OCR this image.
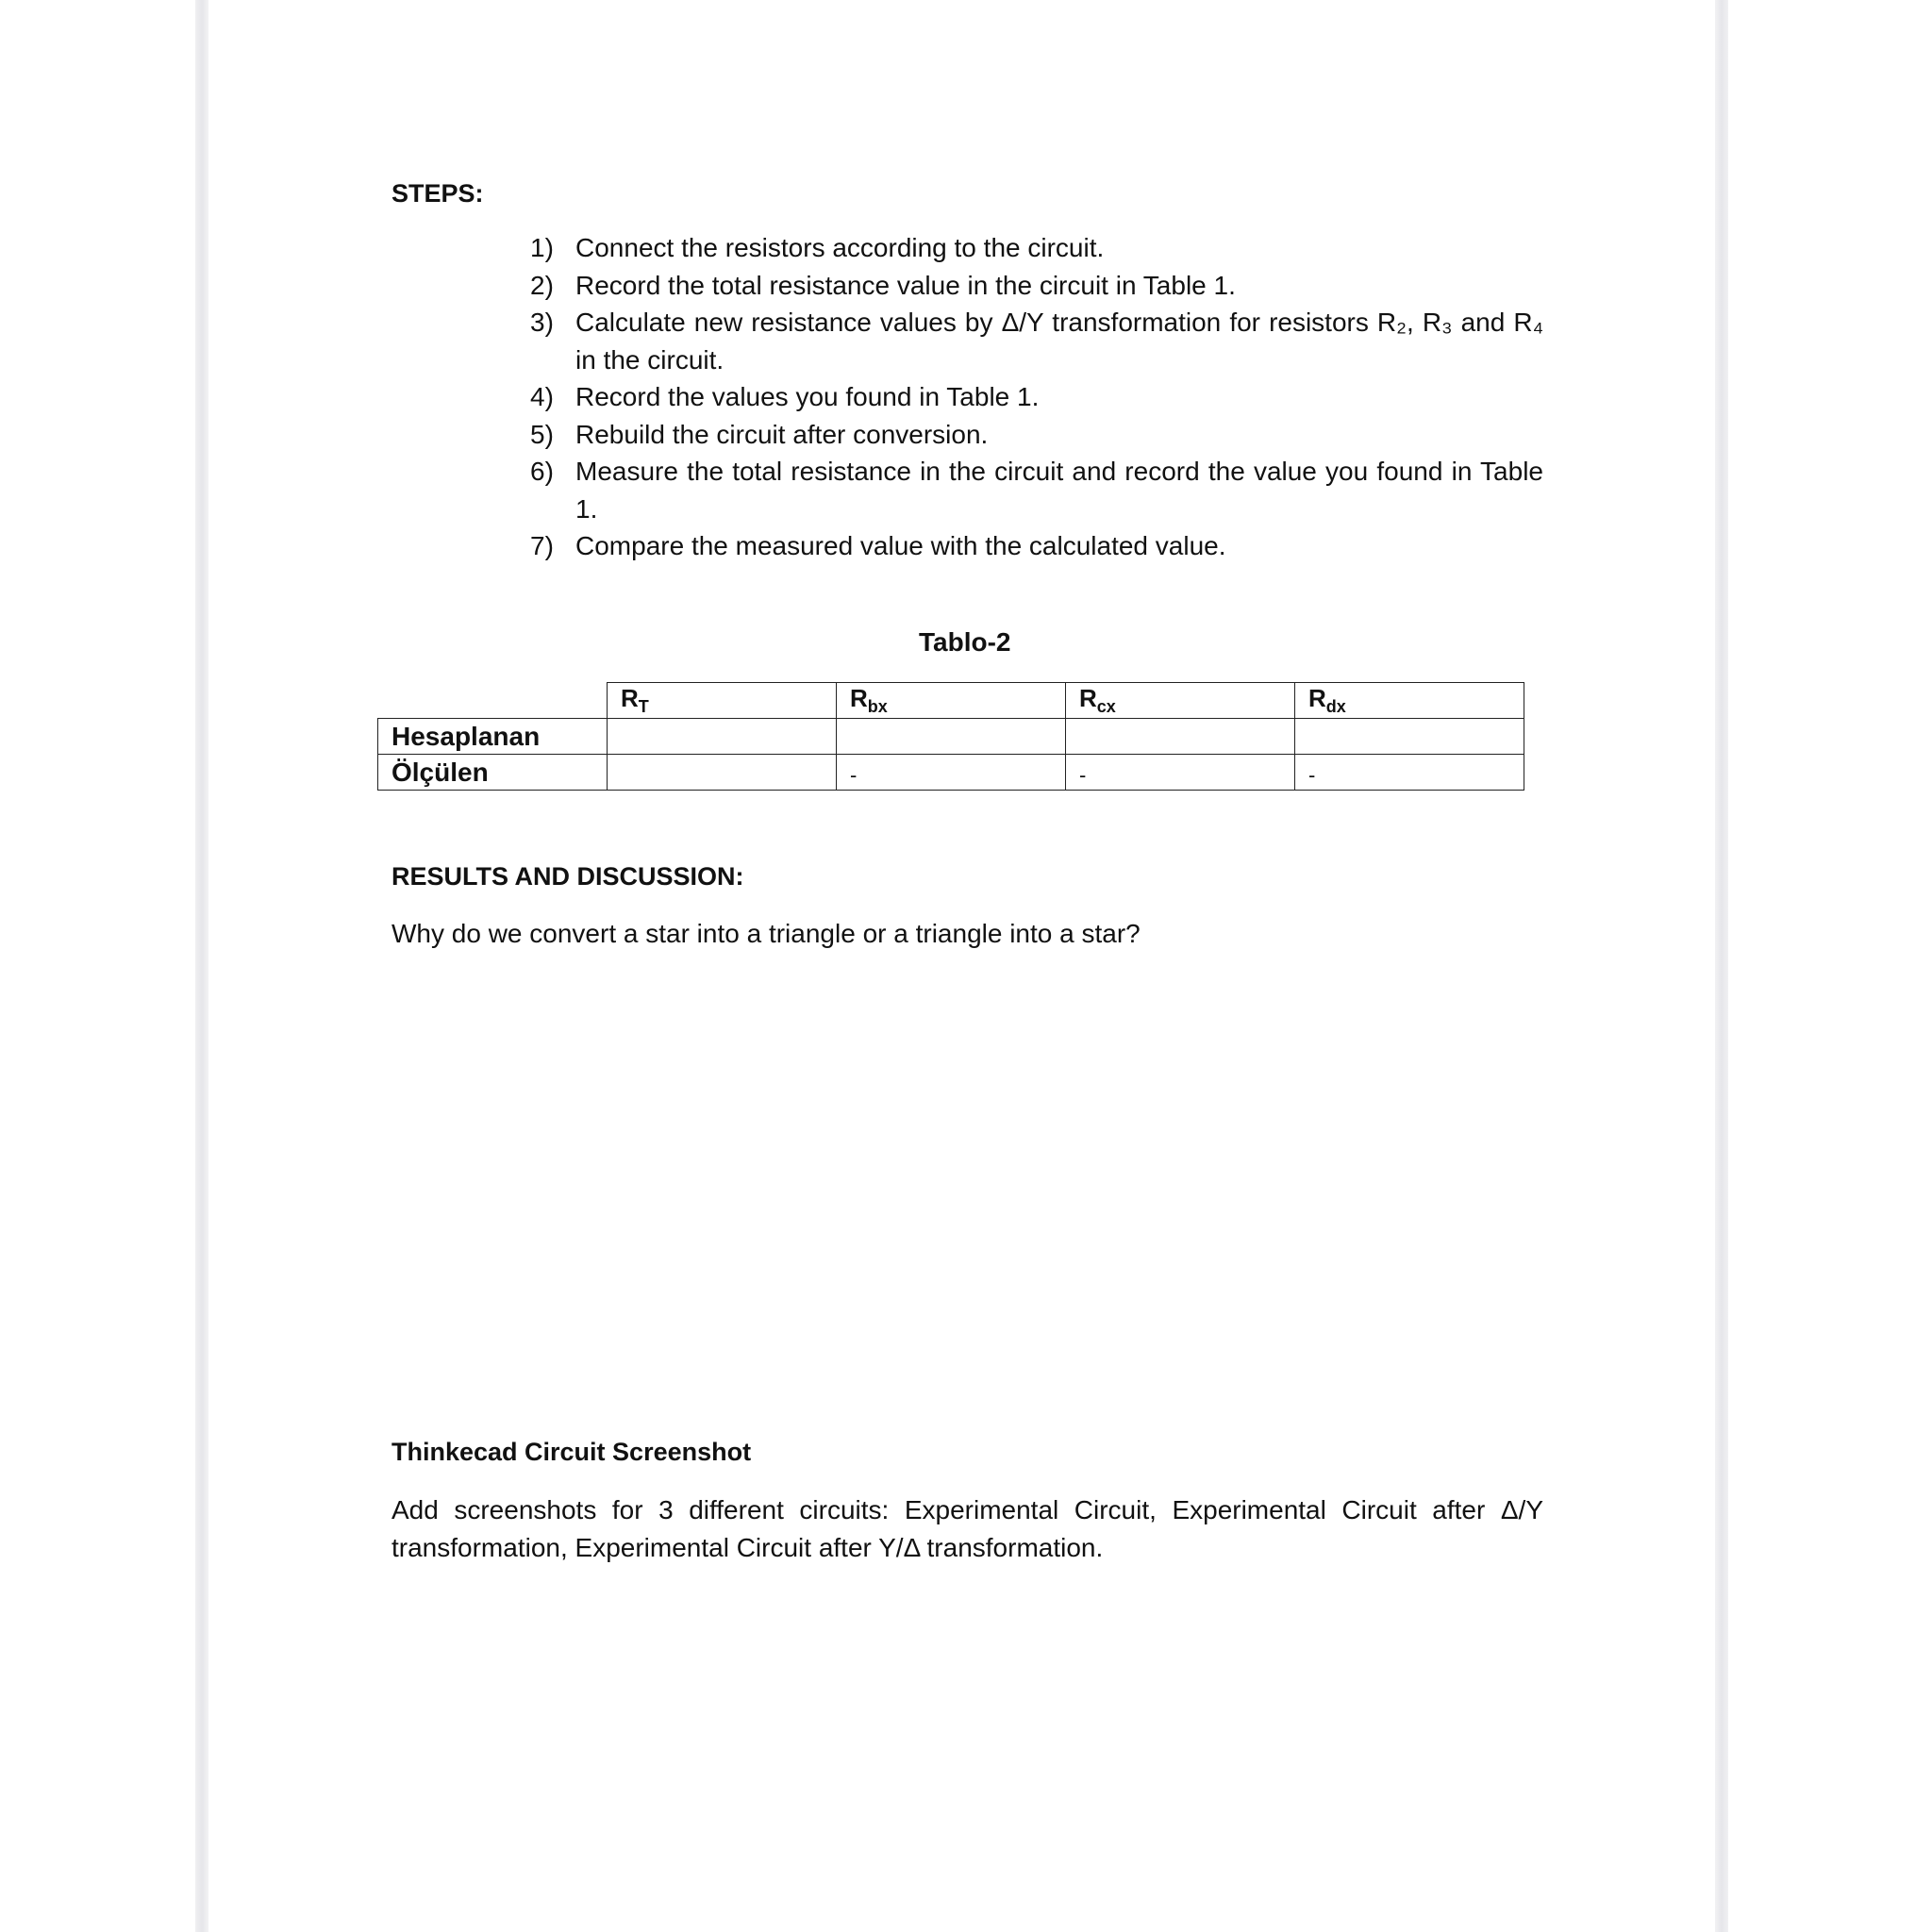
STEPS:
1) Connect the resistors according to the circuit.
2) Record the total resistance value in the circuit in Table 1.
3) Calculate new resistance values by Δ/Y transformation for resistors R₂, R₃ and R₄ in the circuit.
4) Record the values you found in Table 1.
5) Rebuild the circuit after conversion.
6) Measure the total resistance in the circuit and record the value you found in Table 1.
7) Compare the measured value with the calculated value.
Tablo-2
	$R_T$	$R_{bx}$	$R_{cx}$	$R_{dx}$
Hesaplanan				
Ölçülen		-	-	-
RESULTS AND DISCUSSION:
Why do we convert a star into a triangle or a triangle into a star?
Thinkecad Circuit Screenshot
Add screenshots for 3 different circuits: Experimental Circuit, Experimental Circuit after Δ/Y transformation, Experimental Circuit after Y/Δ transformation.
